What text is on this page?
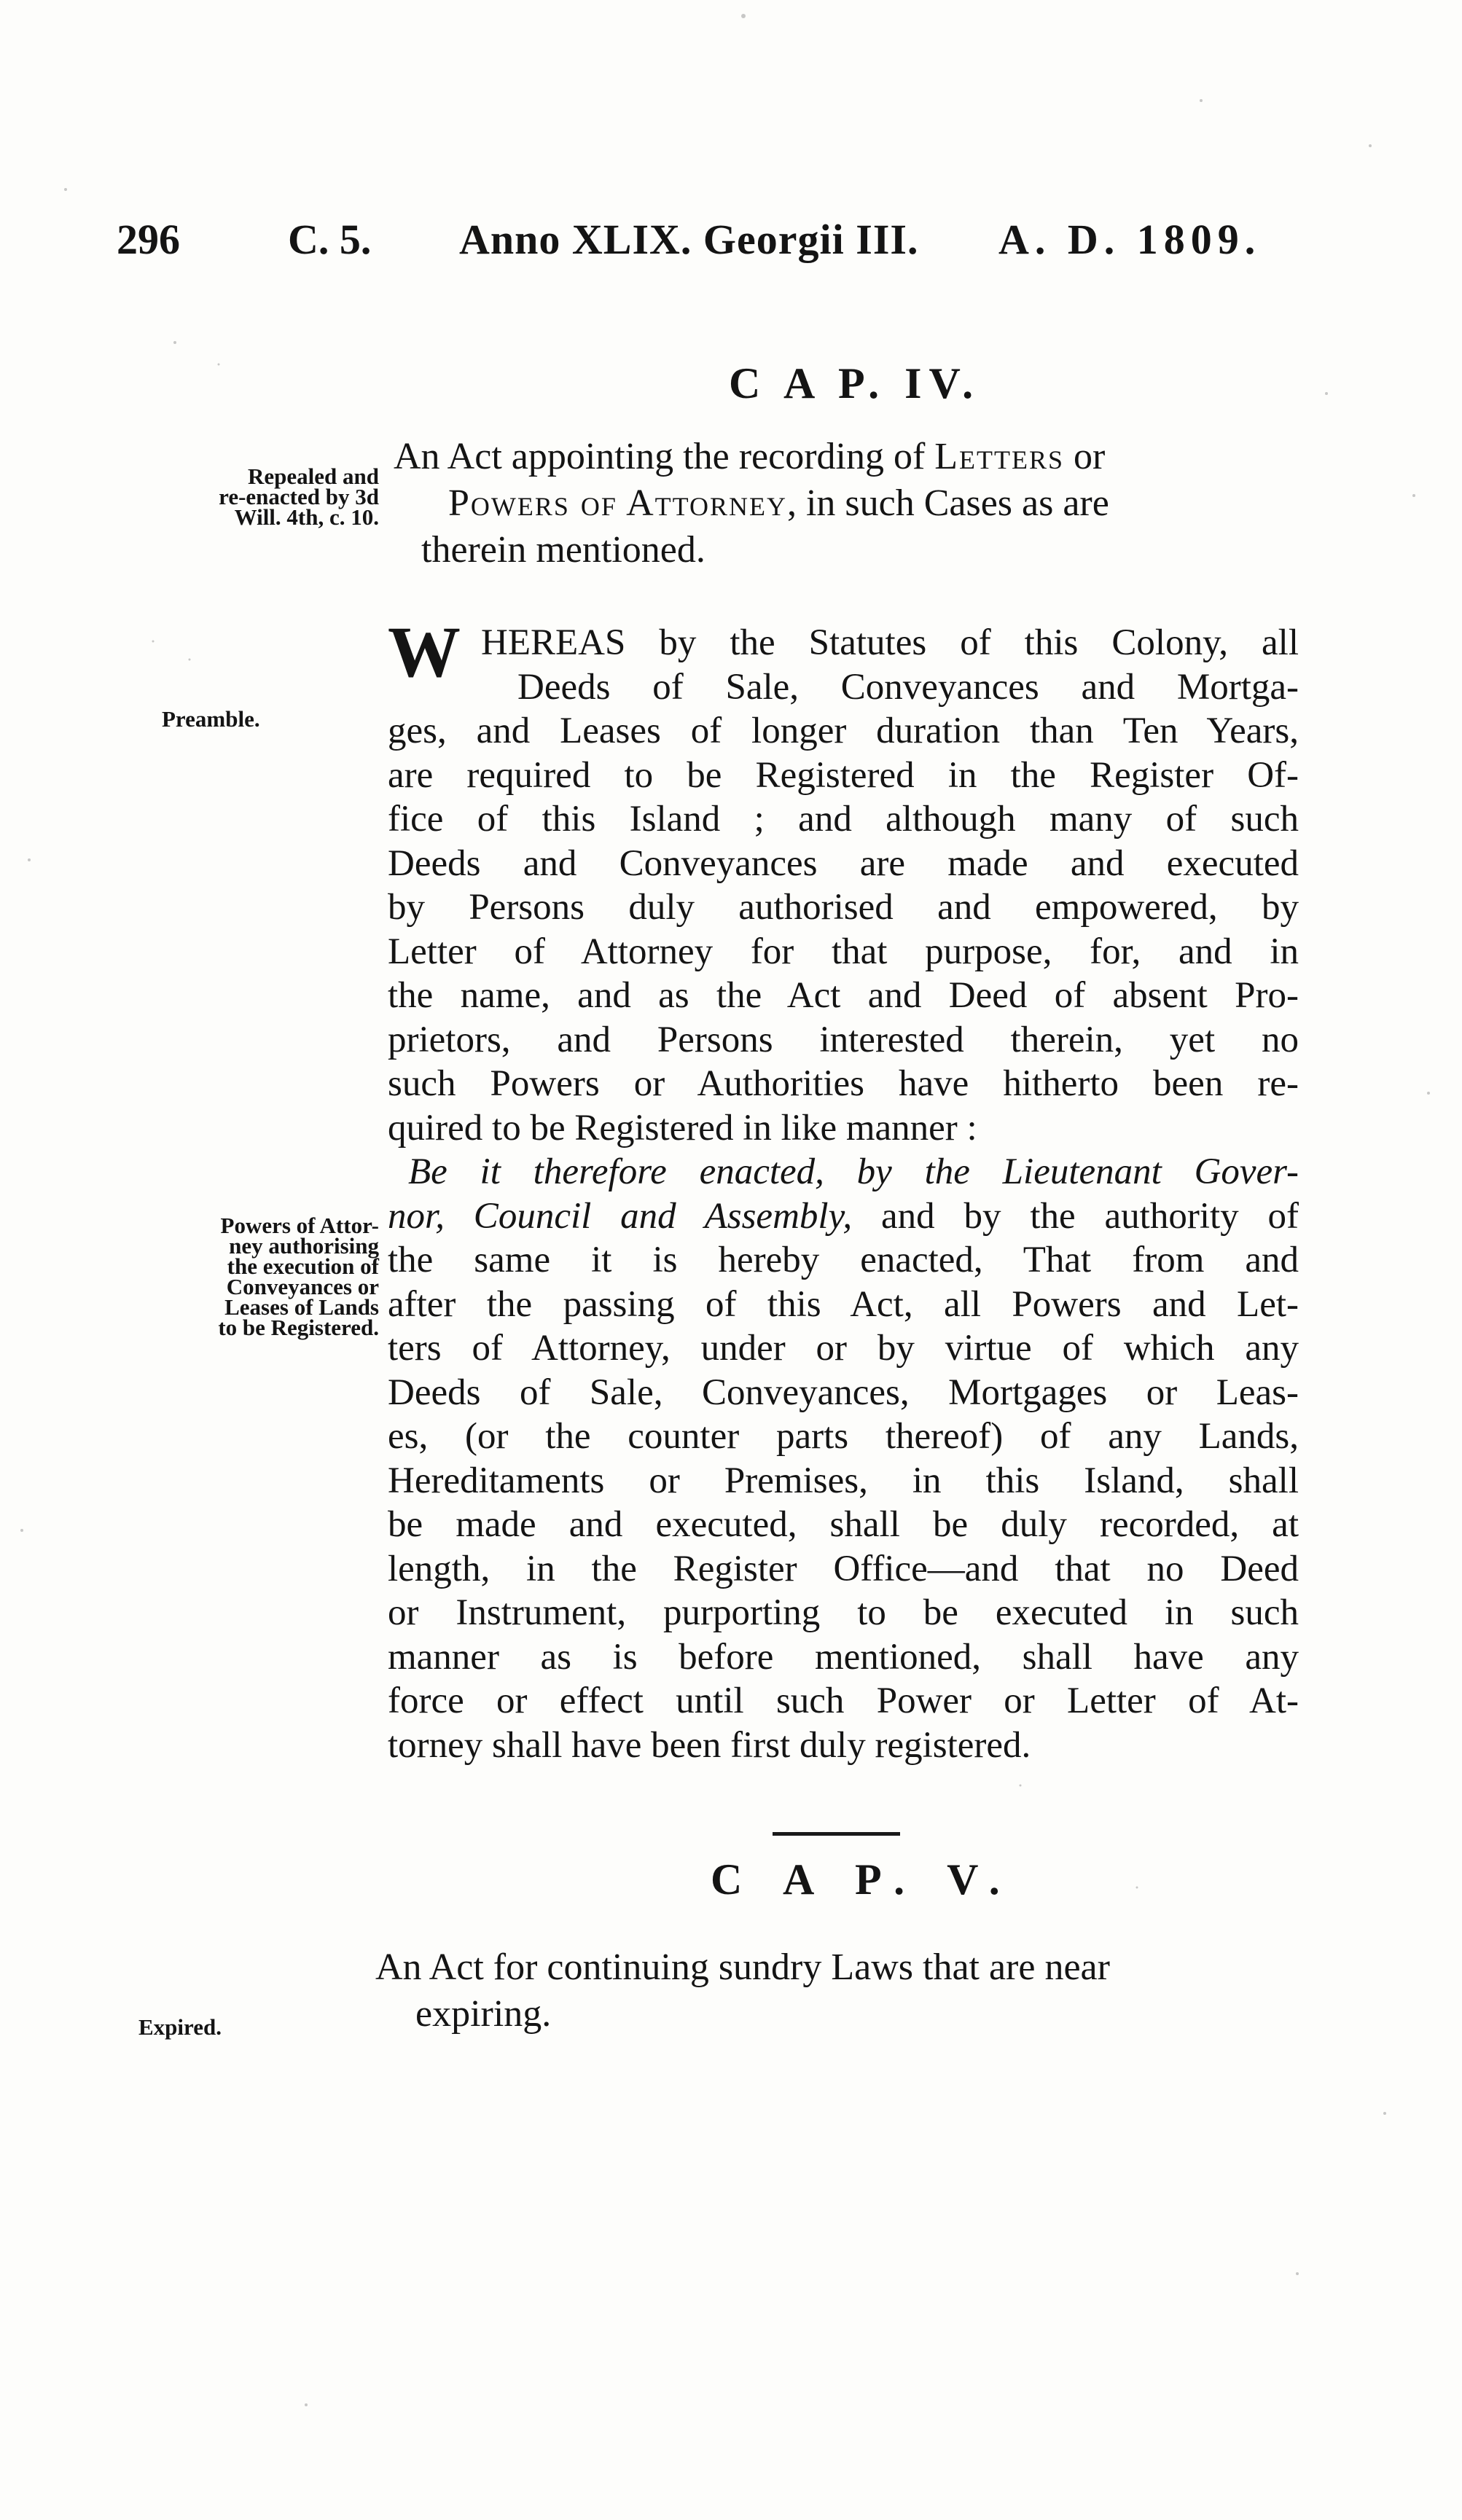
296	C. 5. Anno XLIX. Georgii III. A. D. 1809.
C A P. IV.
Repealed and
re-enacted by 3d
Will. 4th, c. 10.
An Act appointing the recording of Letters or
Powers of Attorney, in such Cases as are
therein mentioned.
Preamble.
W HEREAS by the Statutes of this Colony, all
Deeds of Sale, Conveyances and Mortga-
ges, and Leases of longer duration than Ten Years,
are required to be Registered in the Register Of-
fice of this Island ; and although many of such
Deeds and Conveyances are made and executed
by Persons duly authorised and empowered, by
Letter of Attorney for that purpose, for, and in
the name, and as the Act and Deed of absent Pro-
prietors, and Persons interested therein, yet no
such Powers or Authorities have hitherto been re-
quired to be Registered in like manner :
Be it therefore enacted, by the Lieutenant Gover-
nor, Council and Assembly, and by the authority of
the same it is hereby enacted, That from and
after the passing of this Act, all Powers and Let-
ters of Attorney, under or by virtue of which any
Deeds of Sale, Conveyances, Mortgages or Leas-
es, (or the counter parts thereof) of any Lands,
Hereditaments or Premises, in this Island, shall
be made and executed, shall be duly recorded, at
length, in the Register Office—and that no Deed
or Instrument, purporting to be executed in such
manner as is before mentioned, shall have any
force or effect until such Power or Letter of At-
torney shall have been first duly registered.
Powers of Attor-
ney authorising
the execution of
Conveyances or
Leases of Lands
to be Registered.
C A P. V.
An Act for continuing sundry Laws that are near
expiring.
Expired.
